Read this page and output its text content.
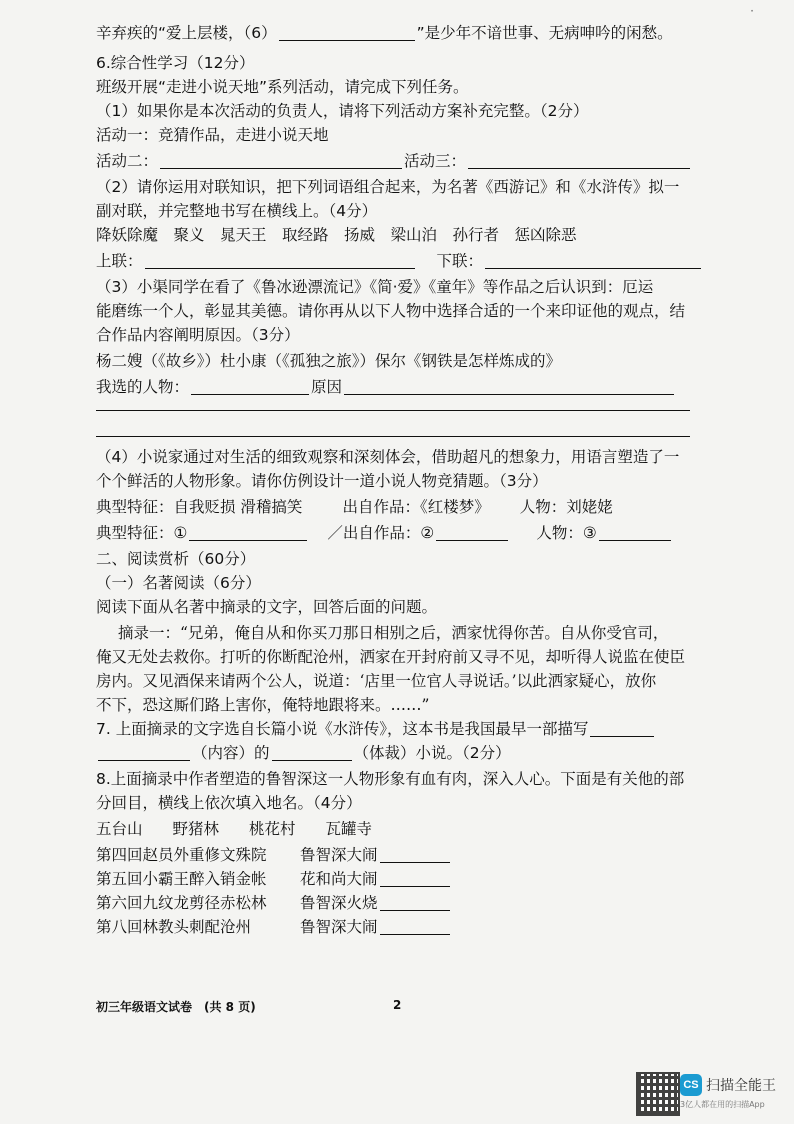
·
辛弃疾的“爱上层楼，（6）	”是少年不谙世事、无病呻吟的闲愁。
6.综合性学习（12分）
班级开展“走进小说天地”系列活动，请完成下列任务。
（1）如果你是本次活动的负责人，请将下列活动方案补充完整。（2分）
活动一：竞猜作品，走进小说天地
活动二：	活动三：
（2）请你运用对联知识，把下列词语组合起来，为名著《西游记》和《水浒传》拟一
副对联，并完整地书写在横线上。（4分）
降妖除魔　聚义　晁天王　取经路　扬威　梁山泊　孙行者　惩凶除恶
上联：	下联：
（3）小渠同学在看了《鲁冰逊漂流记》《简·爱》《童年》等作品之后认识到：厄运
能磨练一个人，彰显其美德。请你再从以下人物中选择合适的一个来印证他的观点，结
合作品内容阐明原因。（3分）
杨二嫂（《故乡》）杜小康（《孤独之旅》）保尔《钢铁是怎样炼成的》
我选的人物：	原因
（4）小说家通过对生活的细致观察和深刻体会，借助超凡的想象力，用语言塑造了一
个个鲜活的人物形象。请你仿例设计一道小说人物竞猜题。（3分）
典型特征：自我贬损 滑稽搞笑	出自作品：《红楼梦》 人物：刘姥姥
典型特征：①	／出自作品：②	人物：③
二、阅读赏析（60分）
（一）名著阅读（6分）
阅读下面从名著中摘录的文字，回答后面的问题。
摘录一：“兄弟，俺自从和你买刀那日相别之后，洒家忧得你苦。自从你受官司，
俺又无处去救你。打听的你断配沧州，洒家在开封府前又寻不见，却听得人说监在使臣
房内。又见酒保来请两个公人，说道：‘店里一位官人寻说话。’以此洒家疑心，放你
不下，恐这厮们路上害你，俺特地跟将来。……”
7. 上面摘录的文字选自长篇小说《水浒传》，这本书是我国最早一部描写
（内容）的	（体裁）小说。（2分）
8.上面摘录中作者塑造的鲁智深这一人物形象有血有肉，深入人心。下面是有关他的部
分回目，横线上依次填入地名。（4分）
五台山 野猪林 桃花村 瓦罐寺
第四回赵员外重修文殊院 鲁智深大闹
第五回小霸王醉入销金帐 花和尚大闹
第六回九纹龙剪径赤松林 鲁智深火烧
第八回林教头刺配沧州	鲁智深大闹
初三年级语文试卷　(共 8 页)	2
CS 扫描全能王
3亿人都在用的扫描App
